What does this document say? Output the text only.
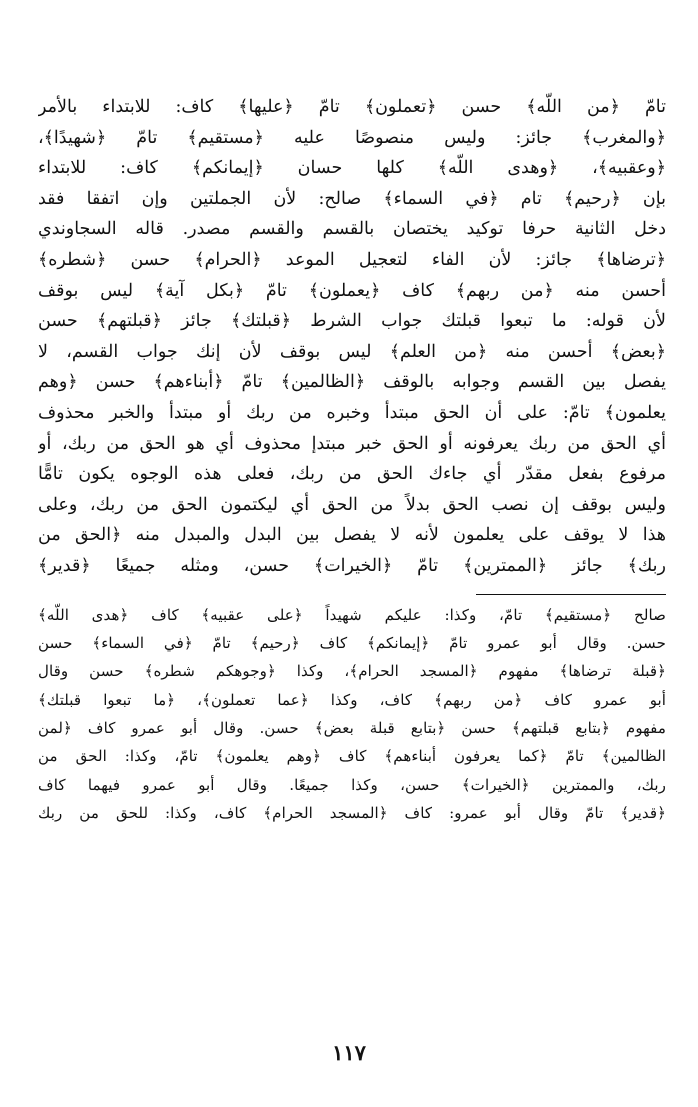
تامّ ﴿من اللّه﴾ حسن ﴿تعملون﴾ تامّ ﴿عليها﴾ كاف: للابتداء بالأمر
﴿والمغرب﴾ جائز: وليس منصوصًا عليه ﴿مستقيم﴾ تامّ ﴿شهيدًا﴾،
﴿وعقبيه﴾، ﴿وهدى اللّه﴾ كلها حسان ﴿إيمانكم﴾ كاف: للابتداء
بإن ﴿رحيم﴾ تام ﴿في السماء﴾ صالح: لأن الجملتين وإن اتفقا فقد
دخل الثانية حرفا توكيد يختصان بالقسم والقسم مصدر. قاله السجاوندي
﴿ترضاها﴾ جائز: لأن الفاء لتعجيل الموعد ﴿الحرام﴾ حسن ﴿شطره﴾
أحسن منه ﴿من ربهم﴾ كاف ﴿يعملون﴾ تامّ ﴿بكل آية﴾ ليس بوقف
لأن قوله: ما تبعوا قبلتك جواب الشرط ﴿قبلتك﴾ جائز ﴿قبلتهم﴾ حسن
﴿بعض﴾ أحسن منه ﴿من العلم﴾ ليس بوقف لأن إنك جواب القسم، لا
يفصل بين القسم وجوابه بالوقف ﴿الظالمين﴾ تامّ ﴿أبناءهم﴾ حسن ﴿وهم
يعلمون﴾ تامّ: على أن الحق مبتدأ وخبره من ربك أو مبتدأ والخبر محذوف
أي الحق من ربك يعرفونه أو الحق خبر مبتدإ محذوف أي هو الحق من ربك، أو
مرفوع بفعل مقدّر أي جاءك الحق من ربك، فعلى هذه الوجوه يكون تامًّا
وليس بوقف إن نصب الحق بدلاً من الحق أي ليكتمون الحق من ربك، وعلى
هذا لا يوقف على يعلمون لأنه لا يفصل بين البدل والمبدل منه ﴿الحق من
ربك﴾ جائز ﴿الممترين﴾ تامّ ﴿الخيرات﴾ حسن، ومثله جميعًا ﴿قدير﴾
صالح ﴿مستقيم﴾ تامّ، وكذا: عليكم شهيداً ﴿على عقبيه﴾ كاف ﴿هدى اللّه﴾
حسن. وقال أبو عمرو تامّ ﴿إيمانكم﴾ كاف ﴿رحيم﴾ تامّ ﴿في السماء﴾ حسن
﴿قبلة ترضاها﴾ مفهوم ﴿المسجد الحرام﴾، وكذا ﴿وجوهكم شطره﴾ حسن وقال
أبو عمرو كاف ﴿من ربهم﴾ كاف، وكذا ﴿عما تعملون﴾، ﴿ما تبعوا قبلتك﴾
مفهوم ﴿بتابع قبلتهم﴾ حسن ﴿بتابع قبلة بعض﴾ حسن. وقال أبو عمرو كاف ﴿لمن
الظالمين﴾ تامّ ﴿كما يعرفون أبناءهم﴾ كاف ﴿وهم يعلمون﴾ تامّ، وكذا: الحق من
ربك، والممترين ﴿الخيرات﴾ حسن، وكذا جميعًا. وقال أبو عمرو فيهما كاف
﴿قدير﴾ تامّ وقال أبو عمرو: كاف ﴿المسجد الحرام﴾ كاف، وكذا: للحق من ربك
١١٧
